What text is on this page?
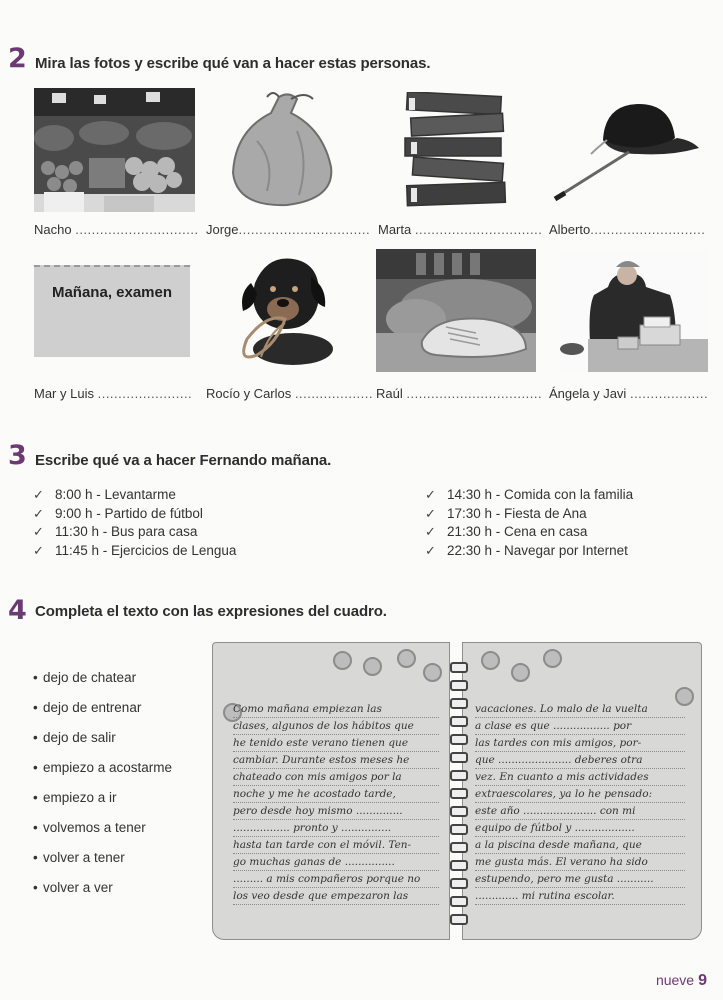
2 Mira las fotos y escribe qué van a hacer estas personas.
Nacho .............................. Jorge................................ Marta ............................... Alberto............................
Mañana, examen
Mar y Luis ....................... Rocío y Carlos ................... Raúl ................................. Ángela y Javi ...................
3 Escribe qué va a hacer Fernando mañana.
✓ 8:00 h - Levantarme
✓ 9:00 h - Partido de fútbol
✓ 11:30 h - Bus para casa
✓ 11:45 h - Ejercicios de Lengua
✓ 14:30 h - Comida con la familia
✓ 17:30 h - Fiesta de Ana
✓ 21:30 h - Cena en casa
✓ 22:30 h - Navegar por Internet
4 Completa el texto con las expresiones del cuadro.
• dejo de chatear
• dejo de entrenar
• dejo de salir
• empiezo a acostarme
• empiezo a ir
• volvemos a tener
• volver a tener
• volver a ver
Como mañana empiezan las
clases, algunos de los hábitos que
he tenido este verano tienen que
cambiar. Durante estos meses he
chateado con mis amigos por la
noche y me he acostado tarde,
pero desde hoy mismo ..............
................. pronto y ...............
hasta tan tarde con el móvil. Ten-
go muchas ganas de ...............
......... a mis compañeros porque no
los veo desde que empezaron las
vacaciones. Lo malo de la vuelta
a clase es que ................. por
las tardes con mis amigos, por-
que ...................... deberes otra
vez. En cuanto a mis actividades
extraescolares, ya lo he pensado:
este año ...................... con mi
equipo de fútbol y ..................
a la piscina desde mañana, que
me gusta más. El verano ha sido
estupendo, pero me gusta ...........
............. mi rutina escolar.
nueve 9
